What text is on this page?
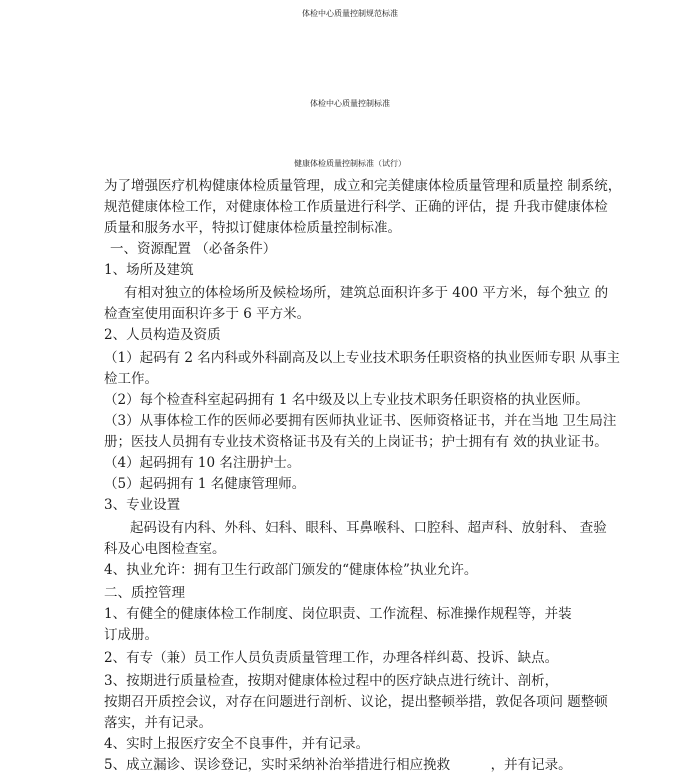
体检中心质量控制规范标准
体检中心质量控制标准
健康体检质量控制标准（试行）
为了增强医疗机构健康体检质量管理，成立和完美健康体检质量管理和质量控 制系统，
规范健康体检工作，对健康体检工作质量进行科学、正确的评估，提 升我市健康体检
质量和服务水平，特拟订健康体检质量控制标准。
一、资源配置 （必备条件）
1、场所及建筑
有相对独立的体检场所及候检场所，建筑总面积许多于 400 平方米，每个独立 的
检查室使用面积许多于 6 平方米。
2、人员构造及资质
（1）起码有 2 名内科或外科副高及以上专业技术职务任职资格的执业医师专职 从事主
检工作。
（2）每个检查科室起码拥有 1 名中级及以上专业技术职务任职资格的执业医师。
（3）从事体检工作的医师必要拥有医师执业证书、医师资格证书，并在当地 卫生局注
册；医技人员拥有专业技术资格证书及有关的上岗证书；护士拥有有 效的执业证书。
（4）起码拥有 10 名注册护士。
（5）起码拥有 1 名健康管理师。
3、专业设置
起码设有内科、外科、妇科、眼科、耳鼻喉科、口腔科、超声科、放射科、 查验
科及心电图检查室。
4、执业允许：拥有卫生行政部门颁发的“健康体检”执业允许。
二、质控管理
1、有健全的健康体检工作制度、岗位职责、工作流程、标准操作规程等，并装
订成册。
2、有专（兼）员工作人员负责质量管理工作，办理各样纠葛、投诉、缺点。
3、按期进行质量检查，按期对健康体检过程中的医疗缺点进行统计、剖析，
按期召开质控会议，对存在问题进行剖析、议论，提出整顿举措，敦促各项问 题整顿
落实，并有记录。
4、实时上报医疗安全不良事件，并有记录。
5、成立漏诊、误诊登记，实时采纳补治举措进行相应挽救　　　，并有记录。
